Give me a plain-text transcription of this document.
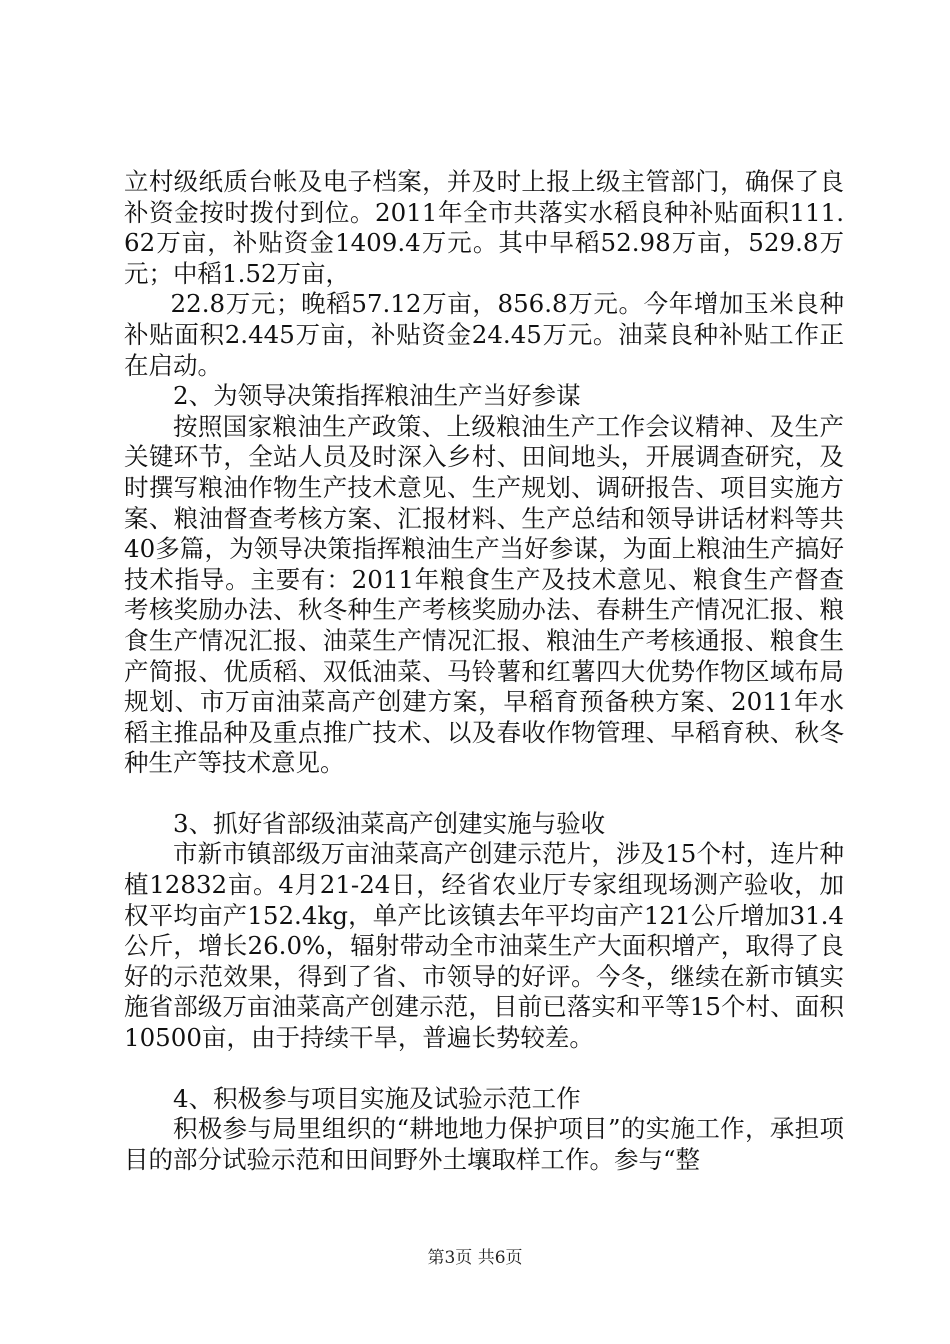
立村级纸质台帐及电子档案，并及时上报上级主管部门，确保了良补资金按时拨付到位。2011年全市共落实水稻良种补贴面积111.62万亩，补贴资金1409.4万元。其中早稻52.98万亩，529.8万元；中稻1.52万亩，

22.8万元；晚稻57.12万亩，856.8万元。今年增加玉米良种补贴面积2.445万亩，补贴资金24.45万元。油菜良种补贴工作正在启动。

2、为领导决策指挥粮油生产当好参谋

按照国家粮油生产政策、上级粮油生产工作会议精神、及生产关键环节，全站人员及时深入乡村、田间地头，开展调查研究，及时撰写粮油作物生产技术意见、生产规划、调研报告、项目实施方案、粮油督查考核方案、汇报材料、生产总结和领导讲话材料等共40多篇，为领导决策指挥粮油生产当好参谋，为面上粮油生产搞好技术指导。主要有：2011年粮食生产及技术意见、粮食生产督查考核奖励办法、秋冬种生产考核奖励办法、春耕生产情况汇报、粮食生产情况汇报、油菜生产情况汇报、粮油生产考核通报、粮食生产简报、优质稻、双低油菜、马铃薯和红薯四大优势作物区域布局规划、市万亩油菜高产创建方案，早稻育预备秧方案、2011年水稻主推品种及重点推广技术、以及春收作物管理、早稻育秧、秋冬种生产等技术意见。

3、抓好省部级油菜高产创建实施与验收

市新市镇部级万亩油菜高产创建示范片，涉及15个村，连片种植12832亩。4月21-24日，经省农业厅专家组现场测产验收，加权平均亩产152.4kg，单产比该镇去年平均亩产121公斤增加31.4公斤，增长26.0%，辐射带动全市油菜生产大面积增产，取得了良好的示范效果，得到了省、市领导的好评。今冬，继续在新市镇实施省部级万亩油菜高产创建示范，目前已落实和平等15个村、面积10500亩，由于持续干旱，普遍长势较差。

4、积极参与项目实施及试验示范工作

积极参与局里组织的“耕地地力保护项目”的实施工作，承担项目的部分试验示范和田间野外土壤取样工作。参与“整

第3页 共6页
